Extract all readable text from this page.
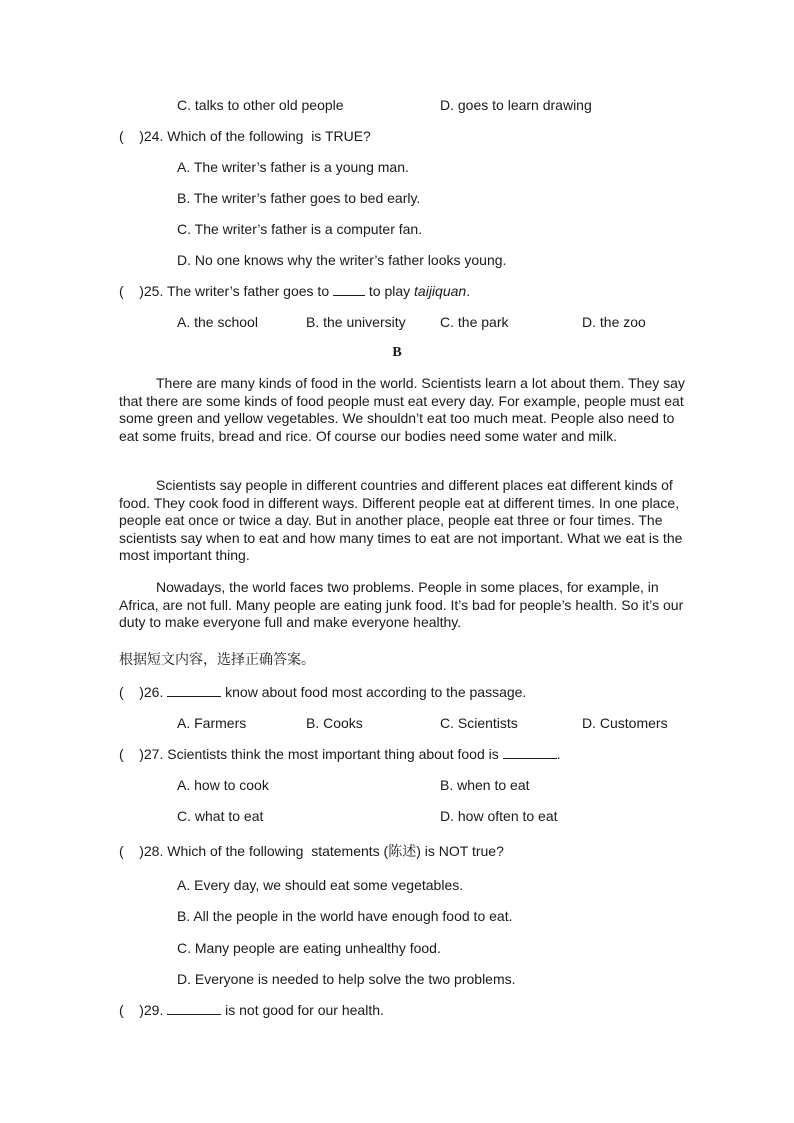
C. talks to other old people	D. goes to learn drawing
(    )24. Which of the following  is TRUE?
A. The writer’s father is a young man.
B. The writer’s father goes to bed early.
C. The writer’s father is a computer fan.
D. No one knows why the writer’s father looks young.
(    )25. The writer’s father goes to  to play taijiquan.
A. the school	B. the university C. the park	D. the zoo
B
There are many kinds of food in the world. Scientists learn a lot about them. They say that there are some kinds of food people must eat every day. For example, people must eat some green and yellow vegetables. We shouldn’t eat too much meat. People also need to eat some fruits, bread and rice. Of course our bodies need some water and milk.
Scientists say people in different countries and different places eat different kinds of food. They cook food in different ways. Different people eat at different times. In one place, people eat once or twice a day. But in another place, people eat three or four times. The scientists say when to eat and how many times to eat are not important. What we eat is the most important thing.
Nowadays, the world faces two problems. People in some places, for example, in Africa, are not full. Many people are eating junk food. It’s bad for people’s health. So it’s our duty to make everyone full and make everyone healthy.
根据短文内容，选择正确答案。
(    )26.	know about food most according to the passage.
A. Farmers	B. Cooks	C. Scientists	D. Customers
(    )27. Scientists think the most important thing about food is	.
A. how to cook	B. when to eat
C. what to eat	D. how often to eat
(    )28. Which of the following  statements (陈述) is NOT true?
A. Every day, we should eat some vegetables.
B. All the people in the world have enough food to eat.
C. Many people are eating unhealthy food.
D. Everyone is needed to help solve the two problems.
(    )29.	is not good for our health.
